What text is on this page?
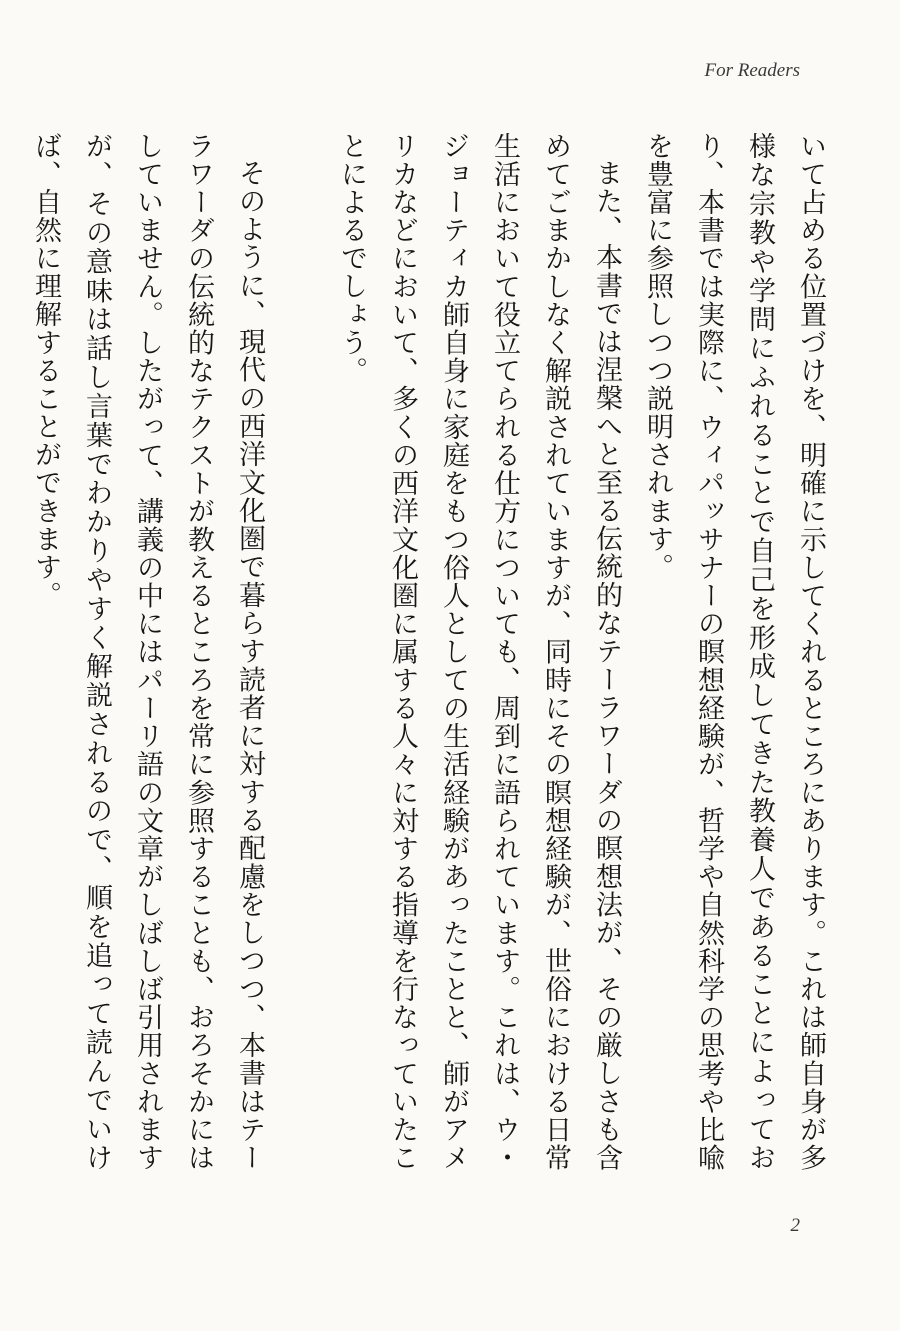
For Readers

いて占める位置づけを、明確に示してくれるところにあります。これは師自身が多様な宗教や学問にふれることで自己を形成してきた教養人であることによっており、本書では実際に、ウィパッサナーの瞑想経験が、哲学や自然科学の思考や比喩を豊富に参照しつつ説明されます。

また、本書では涅槃へと至る伝統的なテーラワーダの瞑想法が、その厳しさも含めてごまかしなく解説されていますが、同時にその瞑想経験が、世俗における日常生活において役立てられる仕方についても、周到に語られています。これは、ウ・ジョーティカ師自身に家庭をもつ俗人としての生活経験があったことと、師がアメリカなどにおいて、多くの西洋文化圏に属する人々に対する指導を行なっていたことによるでしょう。

そのように、現代の西洋文化圏で暮らす読者に対する配慮をしつつ、本書はテーラワーダの伝統的なテクストが教えるところを常に参照することも、おろそかにはしていません。したがって、講義の中にはパーリ語の文章がしばしば引用されますが、その意味は話し言葉でわかりやすく解説されるので、順を追って読んでいけば、自然に理解することができます。

2
